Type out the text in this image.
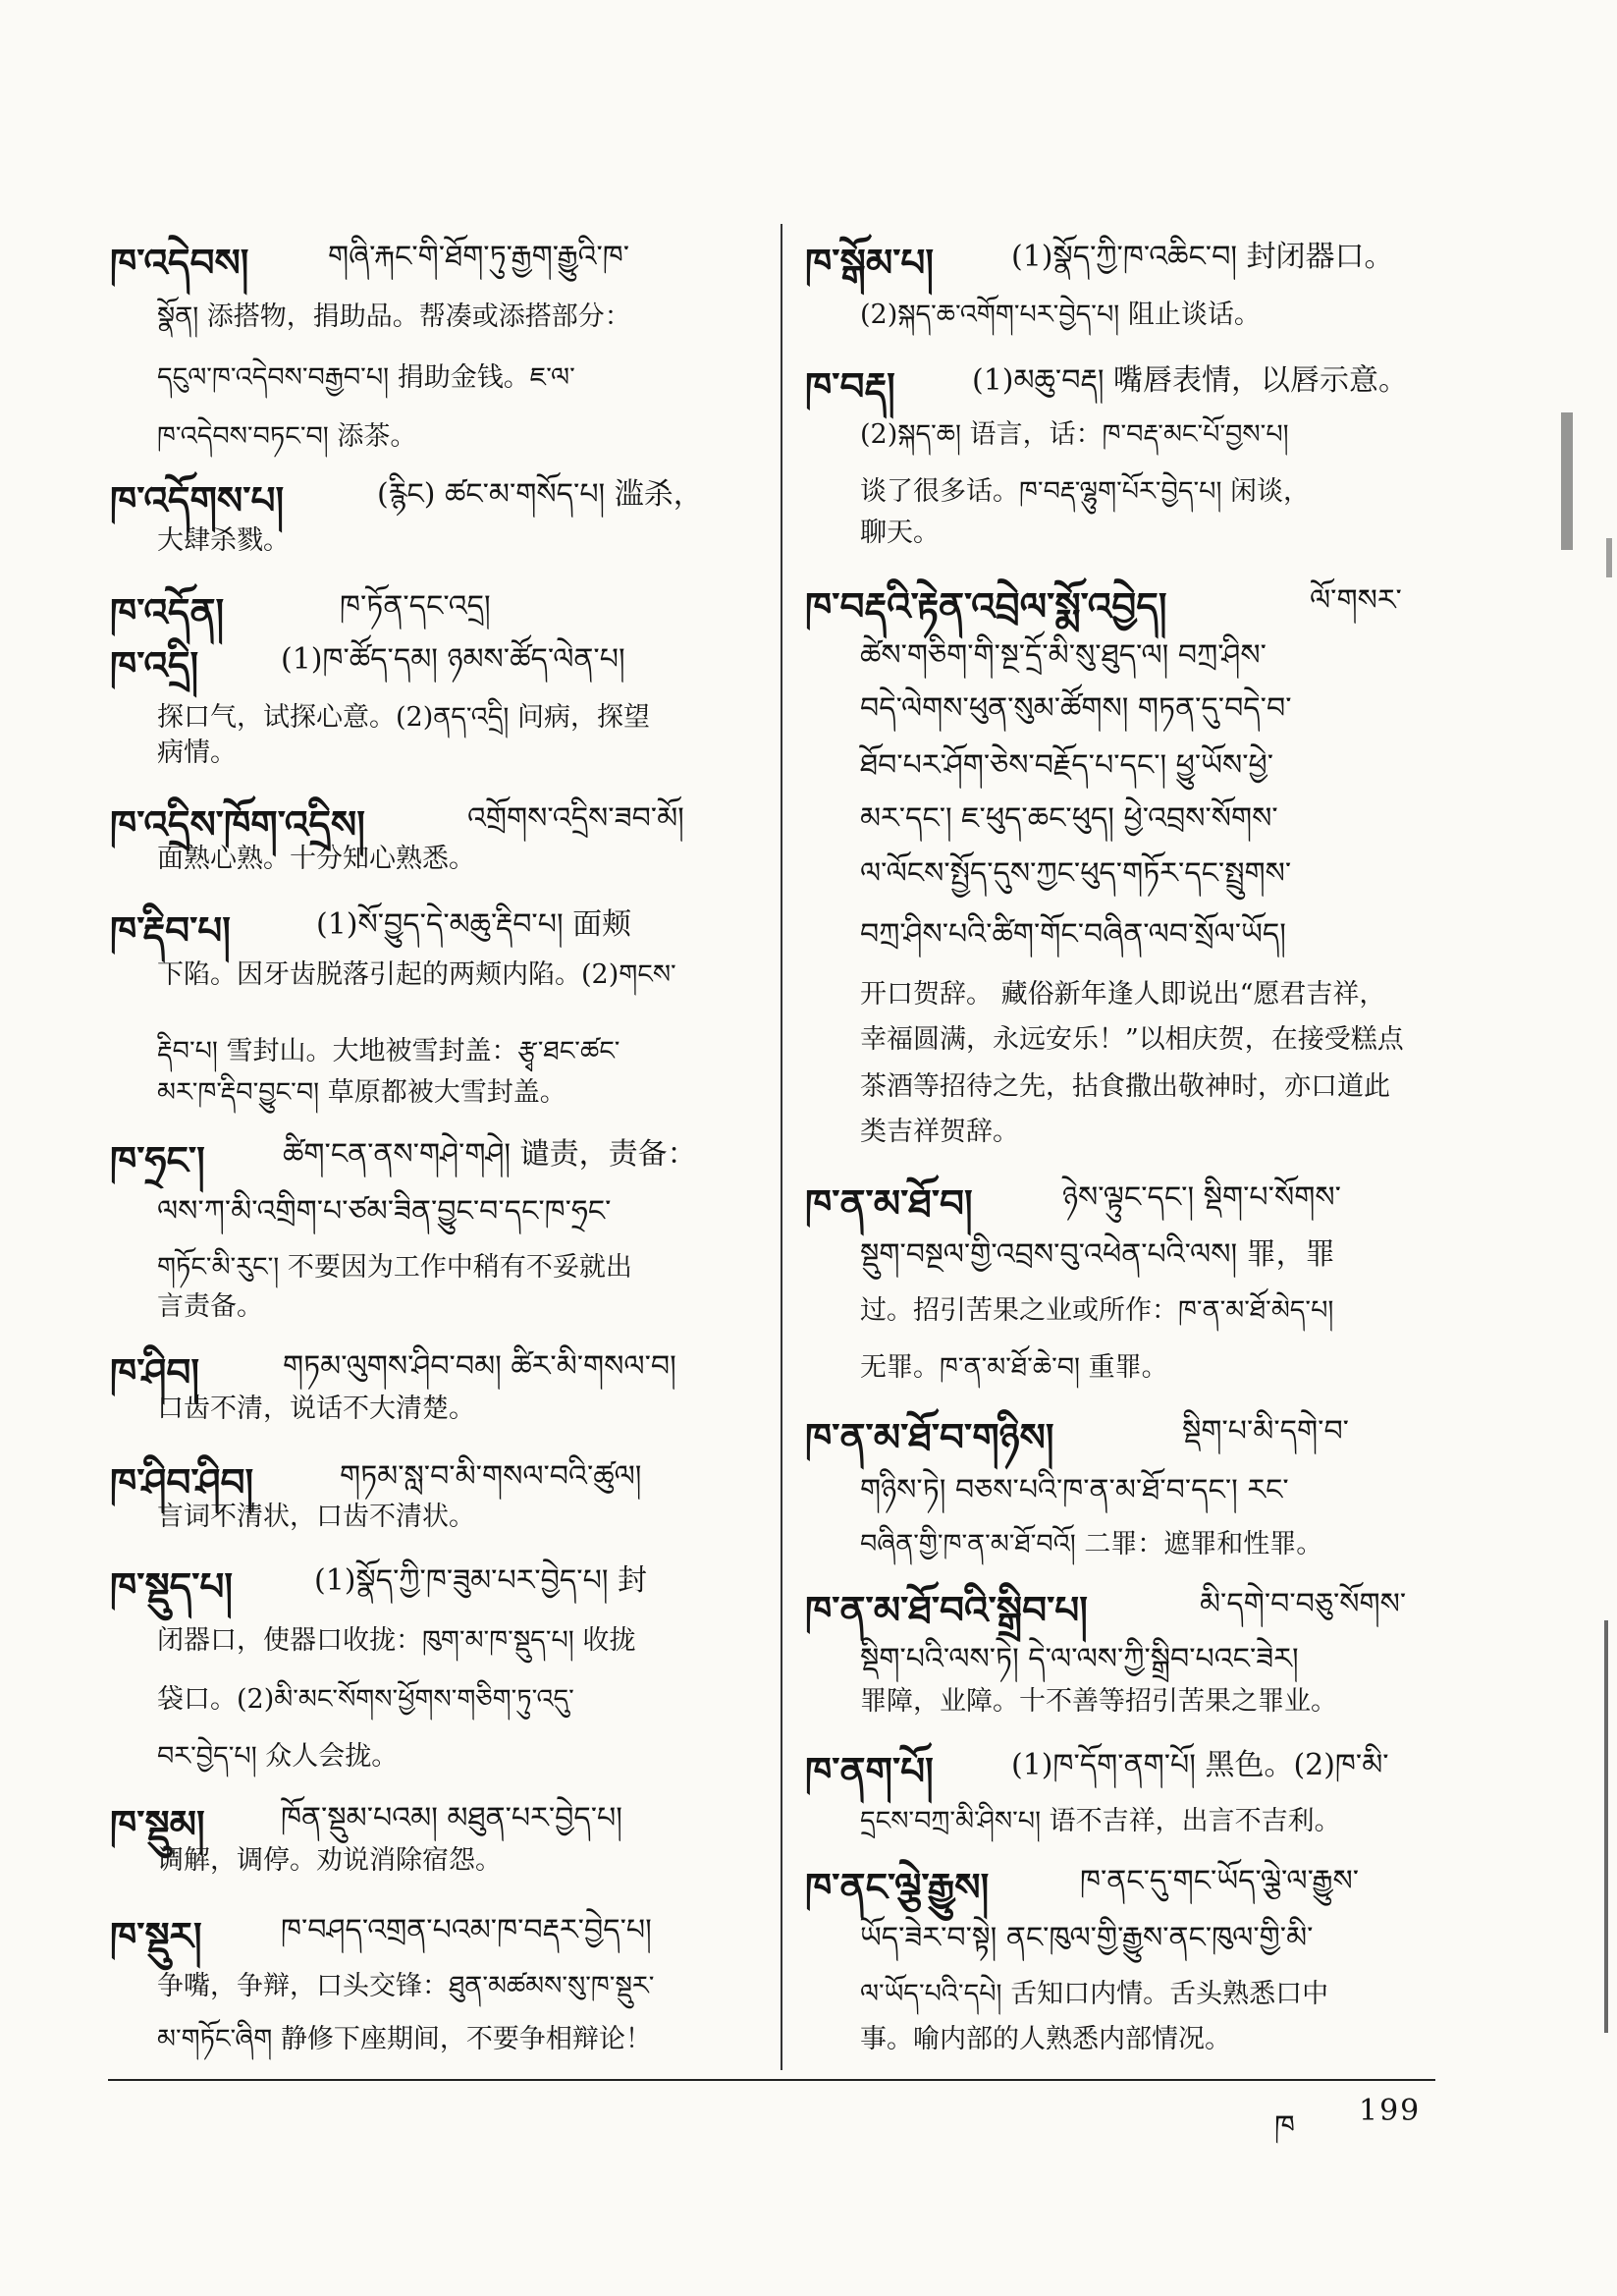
ཁ་འདེབས།	གཞི་རྐང་གི་ཐོག་ཏུ་རྒྱག་རྒྱུའི་ཁ་
སྣོན། 添搭物，捐助品。帮凑或添搭部分：
དངུལ་ཁ་འདེབས་བརྒྱབ་པ། 捐助金钱。ཇ་ལ་
ཁ་འདེབས་བཏང་བ། 添茶。
ཁ་འདོགས་པ།	(རྙིང) ཚང་མ་གསོད་པ། 滥杀，
大肆杀戮。
ཁ་འདོན།	ཁ་ཏོན་དང་འདྲ།
ཁ་འདྲི།	(1)ཁ་ཚོད་དམ། ཉམས་ཚོད་ལེན་པ།
探口气，试探心意。(2)ནད་འདྲི། 问病，探望
病情。
ཁ་འདྲིས་ཁོག་འདྲིས།	འགྲོགས་འདྲིས་ཟབ་མོ།
面熟心熟。十分知心熟悉。
ཁ་རྡིབ་པ།	(1)སོ་བྱུད་དེ་མཆུ་རྡིབ་པ། 面颊
下陷。因牙齿脱落引起的两颊内陷。(2)གངས་
རྡིབ་པ། 雪封山。大地被雪封盖：རྩྭ་ཐང་ཚང་
མར་ཁ་རྡིབ་བྱུང་བ། 草原都被大雪封盖。
ཁ་ཧྲང་།	ཚིག་ངན་ནས་གཤེ་གཤེ། 谴责，责备：
ལས་ཀ་མི་འགྲིག་པ་ཙམ་ཟིན་བྱུང་བ་དང་ཁ་ཧྲང་
གཏོང་མི་རུང་། 不要因为工作中稍有不妥就出
言责备。
ཁ་ཤིབ།	གཏམ་ལུགས་ཤིབ་བམ། ཚིར་མི་གསལ་བ།
口齿不清，说话不大清楚。
ཁ་ཤིབ་ཤིབ།	གཏམ་སླ་བ་མི་གསལ་བའི་ཚུལ།
言词不清状，口齿不清状。
ཁ་སྡུད་པ།	(1)སྣོད་ཀྱི་ཁ་ཟུམ་པར་བྱེད་པ། 封
闭器口，使器口收拢：ཁུག་མ་ཁ་སྡུད་པ། 收拢
袋口。(2)མི་མང་སོགས་ཕྱོགས་གཅིག་ཏུ་འདུ་
བར་བྱེད་པ། 众人会拢。
ཁ་སྡུམ།	ཁོན་སྡུམ་པའམ། མཐུན་པར་བྱེད་པ།
调解，调停。劝说消除宿怨。
ཁ་སྡུར།	ཁ་བཤད་འགྲན་པའམ་ཁ་བརྡར་བྱེད་པ།
争嘴，争辩，口头交锋：ཐུན་མཚམས་སུ་ཁ་སྡུར་
མ་གཏོང་ཞིག 静修下座期间，不要争相辩论！
ཁ་སྒོམ་པ།	(1)སྣོད་ཀྱི་ཁ་འཆིང་བ། 封闭器口。
(2)སྐད་ཆ་འགོག་པར་བྱེད་པ། 阻止谈话。
ཁ་བརྡ།	(1)མཆུ་བརྡ། 嘴唇表情，以唇示意。
(2)སྐད་ཆ། 语言，话：ཁ་བརྡ་མང་པོ་བྱས་པ།
谈了很多话。ཁ་བརྡ་ལྷུག་པོར་བྱེད་པ། 闲谈，
聊天。
ཁ་བརྡའི་རྟེན་འབྲེལ་སྨོ་འབྱེད།	ལོ་གསར་
ཚེས་གཅིག་གི་སྔ་དྲོ་མི་སུ་ཐུད་ལ། བཀྲ་ཤིས་
བདེ་ལེགས་ཕུན་སུམ་ཚོགས། གཏན་དུ་བདེ་བ་
ཐོབ་པར་ཤོག་ཅེས་བརྗོད་པ་དང་། ཕྱུ་ཡོས་ཕྱེ་
མར་དང་། ཇ་ཕུད་ཆང་ཕུད། ཕྱེ་འབྲས་སོགས་
ལ་ལོངས་སྤྱོད་དུས་ཀྱང་ཕུད་གཏོར་དང་སྤྲུགས་
བཀྲ་ཤིས་པའི་ཚིག་གོང་བཞིན་ལབ་སྲོལ་ཡོད།
开口贺辞。 藏俗新年逢人即说出“愿君吉祥，
幸福圆满，永远安乐！”以相庆贺，在接受糕点
茶酒等招待之先，拈食撒出敬神时，亦口道此
类吉祥贺辞。
ཁ་ན་མ་ཐོ་བ།	ཉེས་ལྟུང་དང་། སྡིག་པ་སོགས་
སྡུག་བསྔལ་གྱི་འབྲས་བུ་འཕེན་པའི་ལས། 罪，罪
过。招引苦果之业或所作：ཁ་ན་མ་ཐོ་མེད་པ།
无罪。ཁ་ན་མ་ཐོ་ཆེ་བ། 重罪。
ཁ་ན་མ་ཐོ་བ་གཉིས།	སྡིག་པ་མི་དགེ་བ་
གཉིས་ཏེ། བཅས་པའི་ཁ་ན་མ་ཐོ་བ་དང་། རང་
བཞིན་གྱི་ཁ་ན་མ་ཐོ་བའོ། 二罪：遮罪和性罪。
ཁ་ན་མ་ཐོ་བའི་སྒྲིབ་པ།	མི་དགེ་བ་བཅུ་སོགས་
སྡིག་པའི་ལས་ཏེ། དེ་ལ་ལས་ཀྱི་སྒྲིབ་པའང་ཟེར།
罪障，业障。十不善等招引苦果之罪业。
ཁ་ནག་པོ།	(1)ཁ་དོག་ནག་པོ། 黑色。(2)ཁ་མི་
དྲངས་བཀྲ་མི་ཤིས་པ། 语不吉祥，出言不吉利。
ཁ་ནང་ལྕེ་རྒྱུས།	ཁ་ནང་དུ་གང་ཡོད་ལྕེ་ལ་རྒྱུས་
ཡོད་ཟེར་བ་སྟེ། ནང་ཁུལ་གྱི་རྒྱུས་ནང་ཁུལ་གྱི་མི་
ལ་ཡོད་པའི་དཔེ། 舌知口内情。舌头熟悉口中
事。喻内部的人熟悉内部情况。
ཁ 199
